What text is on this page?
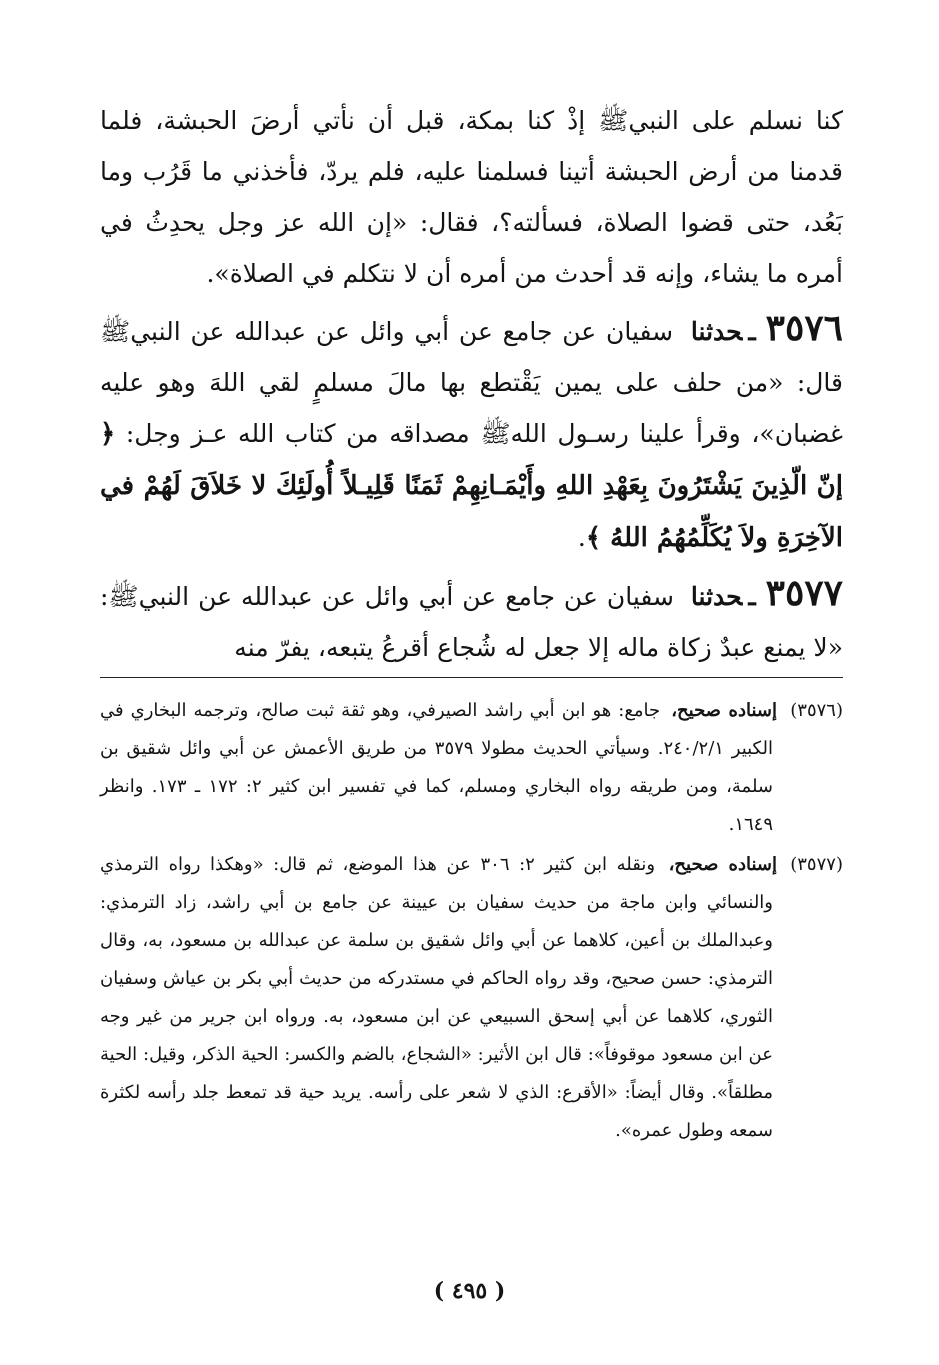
كنا نسلم على النبيﷺ إذْ كنا بمكة، قبل أن نأتي أرضَ الحبشة، فلما قدمنا من أرض الحبشة أتينا فسلمنا عليه، فلم يردّ، فأخذني ما قَرُب وما بَعُد، حتى قضوا الصلاة، فسألته؟، فقال: «إن الله عز وجل يحدِثُ في أمره ما يشاء، وإنه قد أحدث من أمره أن لا نتكلم في الصلاة».

٣٥٧٦ـحدثنا سفيان عن جامع عن أبي وائل عن عبدالله عن النبيﷺ قال: «من حلف على يمين يَقْتطع بها مالَ مسلمٍ لقي اللهَ وهو عليه غضبان»، وقرأ علينا رسـول اللهﷺ مصداقه من كتاب الله عـز وجل: ﴿ إنّ الّذِينَ يَشْتَرُونَ بِعَهْدِ اللهِ وأَيْمَـانِهِمْ ثَمَنًا قَلِيـلاً أُولَئِكَ لا خَلاَقَ لَهُمْ في الآخِرَةِ ولاَ يُكَلِّمُهُمُ اللهُ ﴾.

٣٥٧٧ـحدثنا سفيان عن جامع عن أبي وائل عن عبدالله عن النبيﷺ: «لا يمنع عبدٌ زكاة ماله إلا جعل له شُجاع أقرعُ يتبعه، يفرّ منه

(٣٥٧٦)إسناده صحيح، جامع: هو ابن أبي راشد الصيرفي، وهو ثقة ثبت صالح، وترجمه البخاري في الكبير ٢٤٠/٢/١. وسيأتي الحديث مطولا ٣٥٧٩ من طريق الأعمش عن أبي وائل شقيق بن سلمة، ومن طريقه رواه البخاري ومسلم، كما في تفسير ابن كثير ٢: ١٧٢ ـ ١٧٣. وانظر ١٦٤٩.

(٣٥٧٧)إسناده صحيح، ونقله ابن كثير ٢: ٣٠٦ عن هذا الموضع، ثم قال: «وهكذا رواه الترمذي والنسائي وابن ماجة من حديث سفيان بن عيينة عن جامع بن أبي راشد، زاد الترمذي: وعبدالملك بن أعين، كلاهما عن أبي وائل شقيق بن سلمة عن عبدالله بن مسعود، به، وقال الترمذي: حسن صحيح، وقد رواه الحاكم في مستدركه من حديث أبي بكر بن عياش وسفيان الثوري، كلاهما عن أبي إسحق السبيعي عن ابن مسعود، به. ورواه ابن جرير من غير وجه عن ابن مسعود موقوفاً»: قال ابن الأثير: «الشجاع، بالضم والكسر: الحية الذكر، وقيل: الحية مطلقاً». وقال أيضاً: «الأقرع: الذي لا شعر على رأسه. يريد حية قد تمعط جلد رأسه لكثرة سمعه وطول عمره».

( ٤٩٥ )
